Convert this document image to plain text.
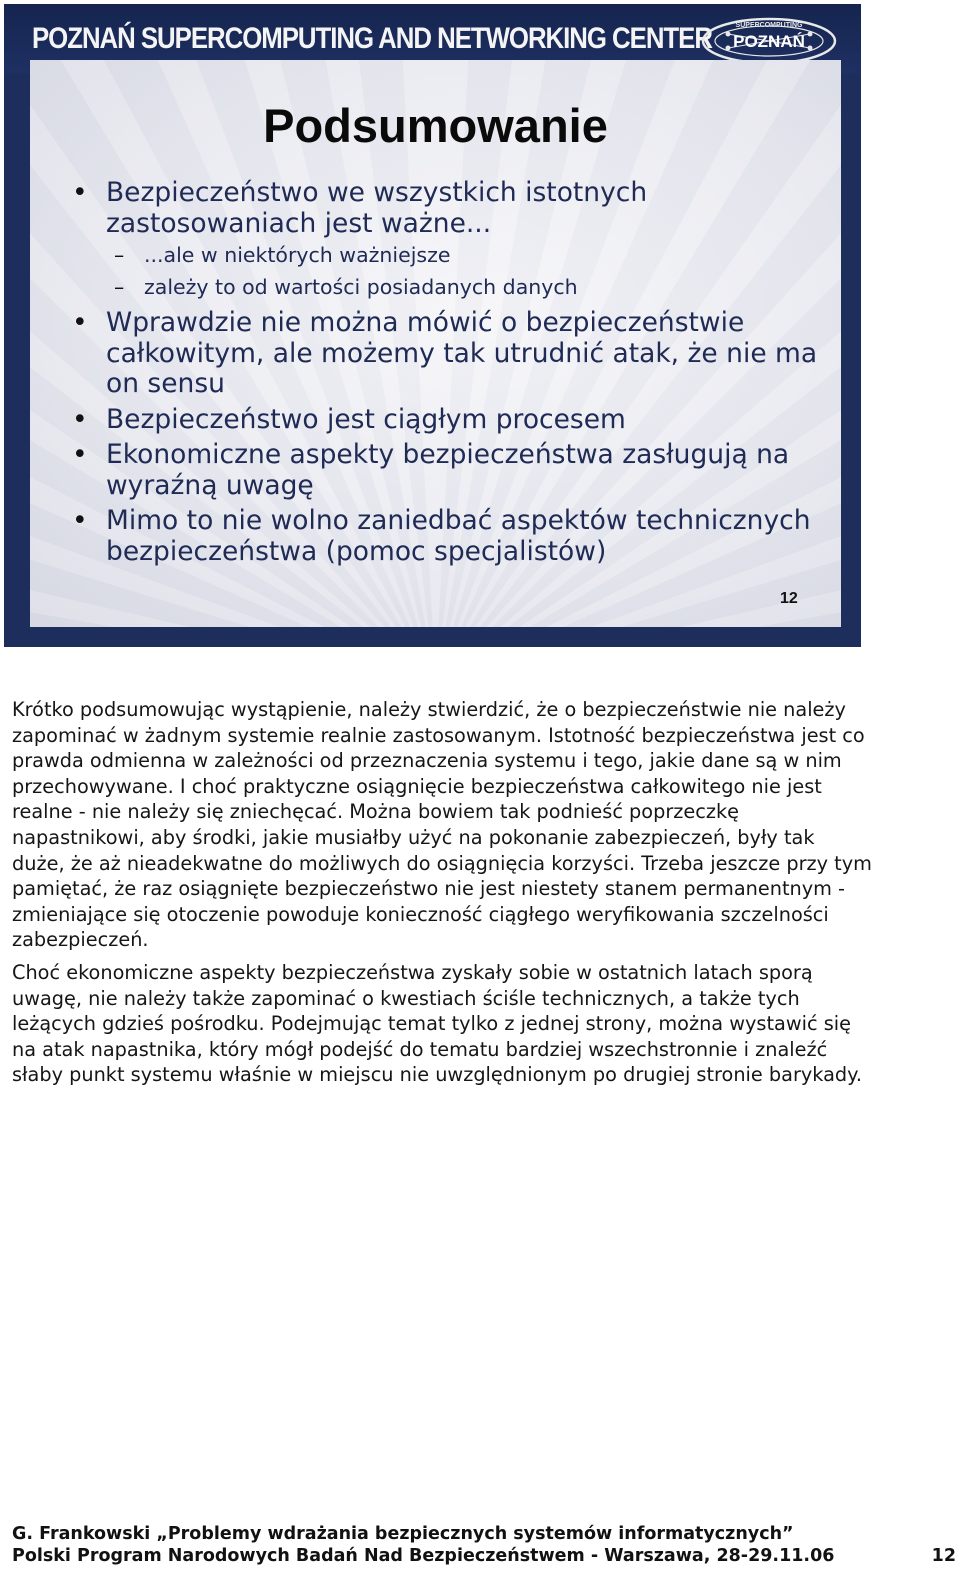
POZNAŃ SUPERCOMPUTING AND NETWORKING CENTER	SUPERCOMPUTING
POZNAŃ
Podsumowanie
• Bezpieczeństwo we wszystkich istotnych zastosowaniach jest ważne...
– ...ale w niektórych ważniejsze
– zależy to od wartości posiadanych danych
• Wprawdzie nie można mówić o bezpieczeństwie całkowitym, ale możemy tak utrudnić atak, że nie ma on sensu
• Bezpieczeństwo jest ciągłym procesem
• Ekonomiczne aspekty bezpieczeństwa zasługują na wyraźną uwagę
• Mimo to nie wolno zaniedbać aspektów technicznych bezpieczeństwa (pomoc specjalistów)
12

Krótko podsumowując wystąpienie, należy stwierdzić, że o bezpieczeństwie nie należy zapominać w żadnym systemie realnie zastosowanym. Istotność bezpieczeństwa jest co prawda odmienna w zależności od przeznaczenia systemu i tego, jakie dane są w nim przechowywane. I choć praktyczne osiągnięcie bezpieczeństwa całkowitego nie jest realne - nie należy się zniechęcać. Można bowiem tak podnieść poprzeczkę napastnikowi, aby środki, jakie musiałby użyć na pokonanie zabezpieczeń, były tak duże, że aż nieadekwatne do możliwych do osiągnięcia korzyści. Trzeba jeszcze przy tym pamiętać, że raz osiągnięte bezpieczeństwo nie jest niestety stanem permanentnym - zmieniające się otoczenie powoduje konieczność ciągłego weryfikowania szczelności zabezpieczeń.

Choć ekonomiczne aspekty bezpieczeństwa zyskały sobie w ostatnich latach sporą uwagę, nie należy także zapominać o kwestiach ściśle technicznych, a także tych leżących gdzieś pośrodku. Podejmując temat tylko z jednej strony, można wystawić się na atak napastnika, który mógł podejść do tematu bardziej wszechstronnie i znaleźć słaby punkt systemu właśnie w miejscu nie uwzględnionym po drugiej stronie barykady.

G. Frankowski „Problemy wdrażania bezpiecznych systemów informatycznych”
Polski Program Narodowych Badań Nad Bezpieczeństwem - Warszawa, 28-29.11.06	12
